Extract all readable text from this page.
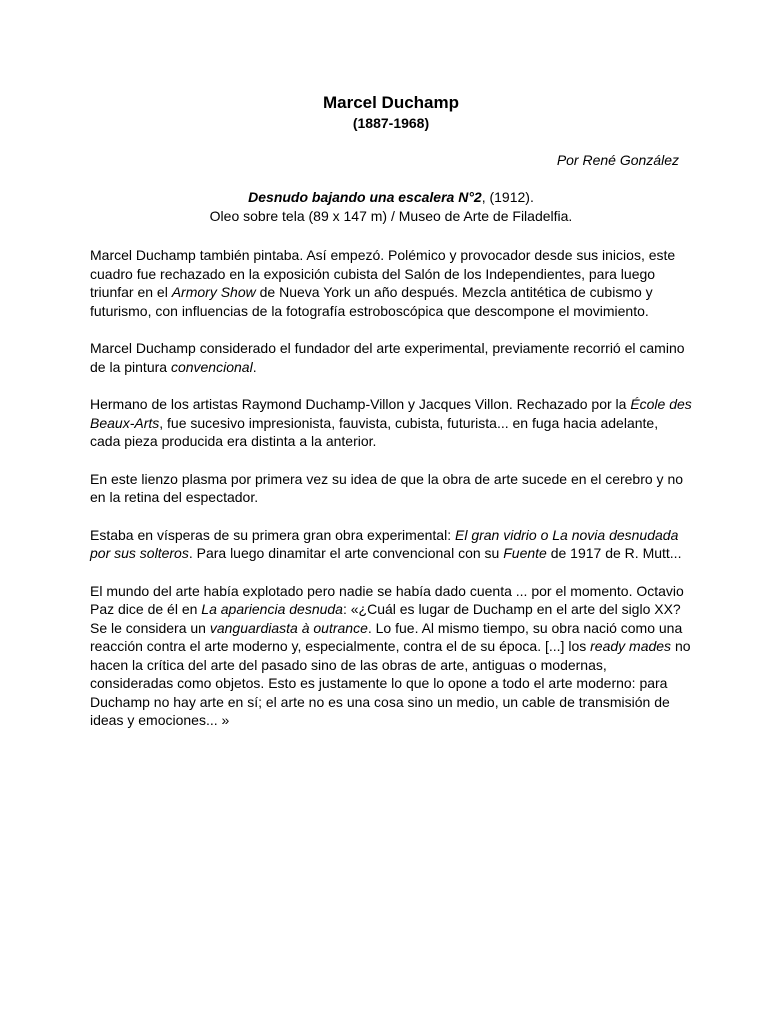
Marcel Duchamp
(1887-1968)
Por René González
Desnudo bajando una escalera N°2, (1912).
Oleo sobre tela (89 x 147 m) / Museo de Arte de Filadelfia.

Marcel Duchamp también pintaba. Así empezó. Polémico y provocador desde sus inicios, este cuadro fue rechazado en la exposición cubista del Salón de los Independientes, para luego triunfar en el Armory Show de Nueva York un año después. Mezcla antitética de cubismo y futurismo, con influencias de la fotografía estroboscópica que descompone el movimiento.

Marcel Duchamp considerado el fundador del arte experimental, previamente recorrió el camino de la pintura convencional.

Hermano de los artistas Raymond Duchamp-Villon y Jacques Villon. Rechazado por la École des Beaux-Arts, fue sucesivo impresionista, fauvista, cubista, futurista... en fuga hacia adelante, cada pieza producida era distinta a la anterior.

En este lienzo plasma por primera vez su idea de que la obra de arte sucede en el cerebro y no en la retina del espectador.

Estaba en vísperas de su primera gran obra experimental: El gran vidrio o La novia desnudada por sus solteros. Para luego dinamitar el arte convencional con su Fuente de 1917 de R. Mutt...

El mundo del arte había explotado pero nadie se había dado cuenta ... por el momento. Octavio Paz dice de él en La apariencia desnuda: «¿Cuál es lugar de Duchamp en el arte del siglo XX? Se le considera un vanguardiasta à outrance. Lo fue. Al mismo tiempo, su obra nació como una reacción contra el arte moderno y, especialmente, contra el de su época. [...] los ready mades no hacen la crítica del arte del pasado sino de las obras de arte, antiguas o modernas, consideradas como objetos. Esto es justamente lo que lo opone a todo el arte moderno: para Duchamp no hay arte en sí; el arte no es una cosa sino un medio, un cable de transmisión de ideas y emociones... »
